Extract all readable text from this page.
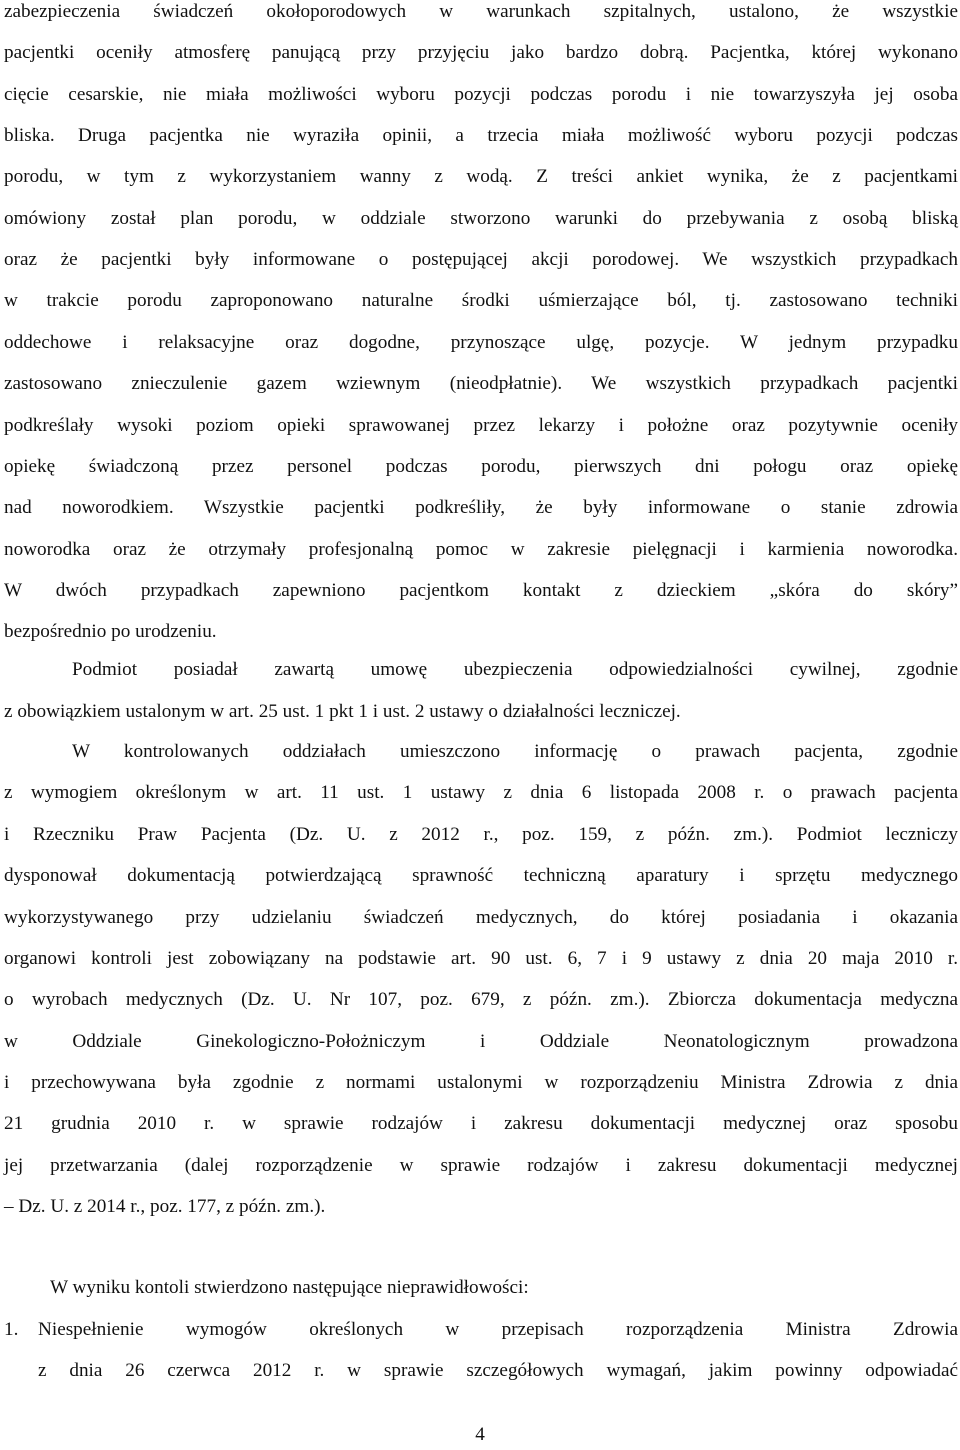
zabezpieczenia świadczeń okołoporodowych w warunkach szpitalnych, ustalono, że wszystkie
pacjentki oceniły atmosferę panującą przy przyjęciu jako bardzo dobrą. Pacjentka, której wykonano
cięcie cesarskie, nie miała możliwości wyboru pozycji podczas porodu i nie towarzyszyła jej osoba
bliska. Druga pacjentka nie wyraziła opinii, a trzecia miała możliwość wyboru pozycji podczas
porodu, w tym z wykorzystaniem wanny z wodą. Z treści ankiet wynika, że z pacjentkami
omówiony został plan porodu, w oddziale stworzono warunki do przebywania z osobą bliską
oraz że pacjentki były informowane o postępującej akcji porodowej. We wszystkich przypadkach
w trakcie porodu zaproponowano naturalne środki uśmierzające ból, tj. zastosowano techniki
oddechowe i relaksacyjne oraz dogodne, przynoszące ulgę, pozycje. W jednym przypadku
zastosowano znieczulenie gazem wziewnym (nieodpłatnie). We wszystkich przypadkach pacjentki
podkreślały wysoki poziom opieki sprawowanej przez lekarzy i położne oraz pozytywnie oceniły
opiekę świadczoną przez personel podczas porodu, pierwszych dni połogu oraz opiekę
nad noworodkiem. Wszystkie pacjentki podkreśliły, że były informowane o stanie zdrowia
noworodka oraz że otrzymały profesjonalną pomoc w zakresie pielęgnacji i karmienia noworodka.
W dwóch przypadkach zapewniono pacjentkom kontakt z dzieckiem „skóra do skóry”
bezpośrednio po urodzeniu.
Podmiot posiadał zawartą umowę ubezpieczenia odpowiedzialności cywilnej, zgodnie
z obowiązkiem ustalonym w art. 25 ust. 1 pkt 1 i ust. 2 ustawy o działalności leczniczej.
W kontrolowanych oddziałach umieszczono informację o prawach pacjenta, zgodnie
z wymogiem określonym w art. 11 ust. 1 ustawy z dnia 6 listopada 2008 r. o prawach pacjenta
i Rzeczniku Praw Pacjenta (Dz. U. z 2012 r., poz. 159, z późn. zm.). Podmiot leczniczy
dysponował dokumentacją potwierdzającą sprawność techniczną aparatury i sprzętu medycznego
wykorzystywanego przy udzielaniu świadczeń medycznych, do której posiadania i okazania
organowi kontroli jest zobowiązany na podstawie art. 90 ust. 6, 7 i 9 ustawy z dnia 20 maja 2010 r.
o wyrobach medycznych (Dz. U. Nr 107, poz. 679, z późn. zm.). Zbiorcza dokumentacja medyczna
w Oddziale Ginekologiczno-Położniczym i Oddziale Neonatologicznym prowadzona
i przechowywana była zgodnie z normami ustalonymi w rozporządzeniu Ministra Zdrowia z dnia
21 grudnia 2010 r. w sprawie rodzajów i zakresu dokumentacji medycznej oraz sposobu
jej przetwarzania (dalej rozporządzenie w sprawie rodzajów i zakresu dokumentacji medycznej
– Dz. U. z 2014 r., poz. 177, z późn. zm.).
W wyniku kontoli stwierdzono następujące nieprawidłowości:
1. Niespełnienie wymogów określonych w przepisach rozporządzenia Ministra Zdrowia
z dnia 26 czerwca 2012 r. w sprawie szczegółowych wymagań, jakim powinny odpowiadać
4
